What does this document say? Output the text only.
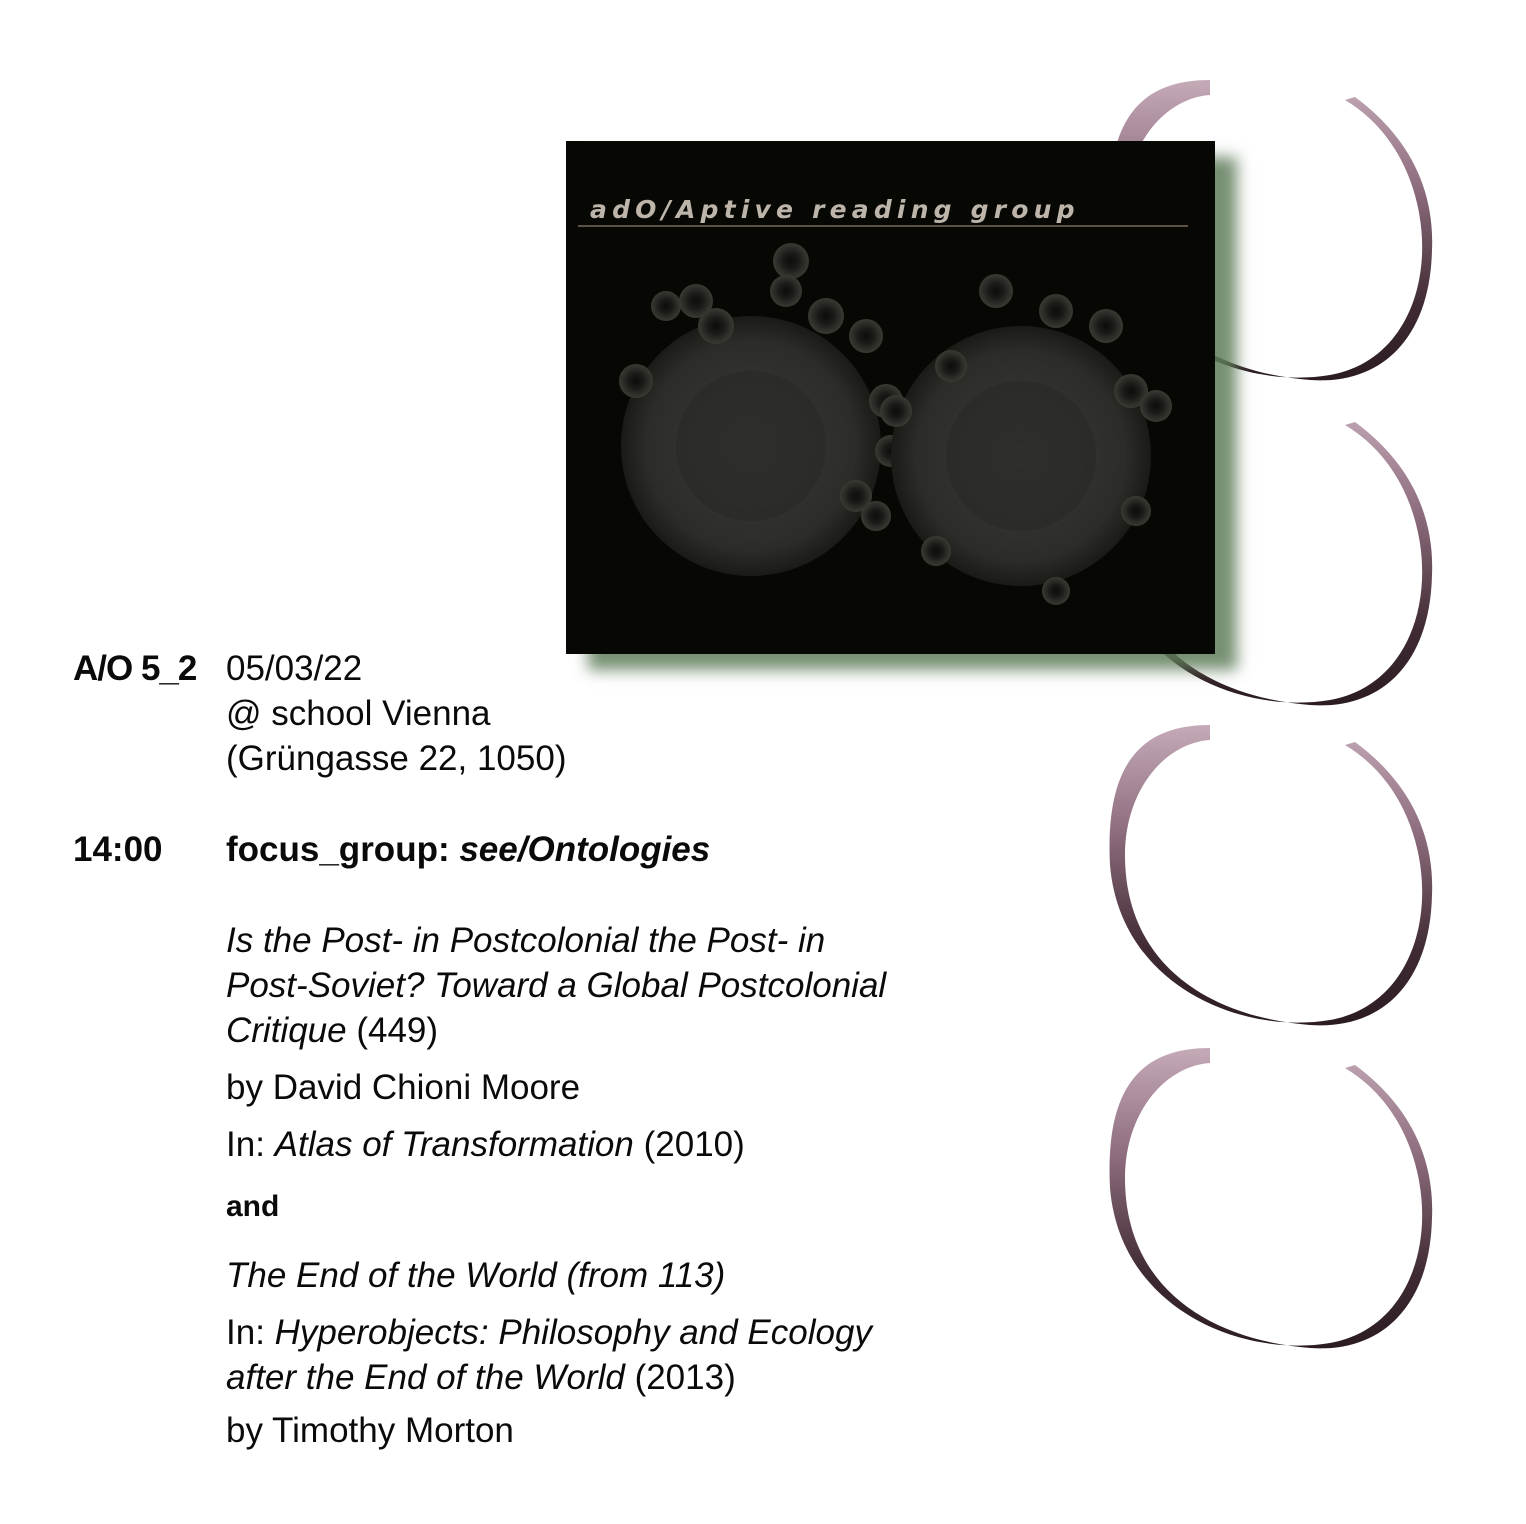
adO/Aptive reading group
A/O 5_2 05/03/22
@ school Vienna
(Grüngasse 22, 1050)
14:00 focus_group: see/Ontologies
Is the Post- in Postcolonial the Post- in
Post-Soviet? Toward a Global Postcolonial
Critique (449)
by David Chioni Moore
In: Atlas of Transformation (2010)
and
The End of the World (from 113)
In: Hyperobjects: Philosophy and Ecology
after the End of the World (2013)
by Timothy Morton
